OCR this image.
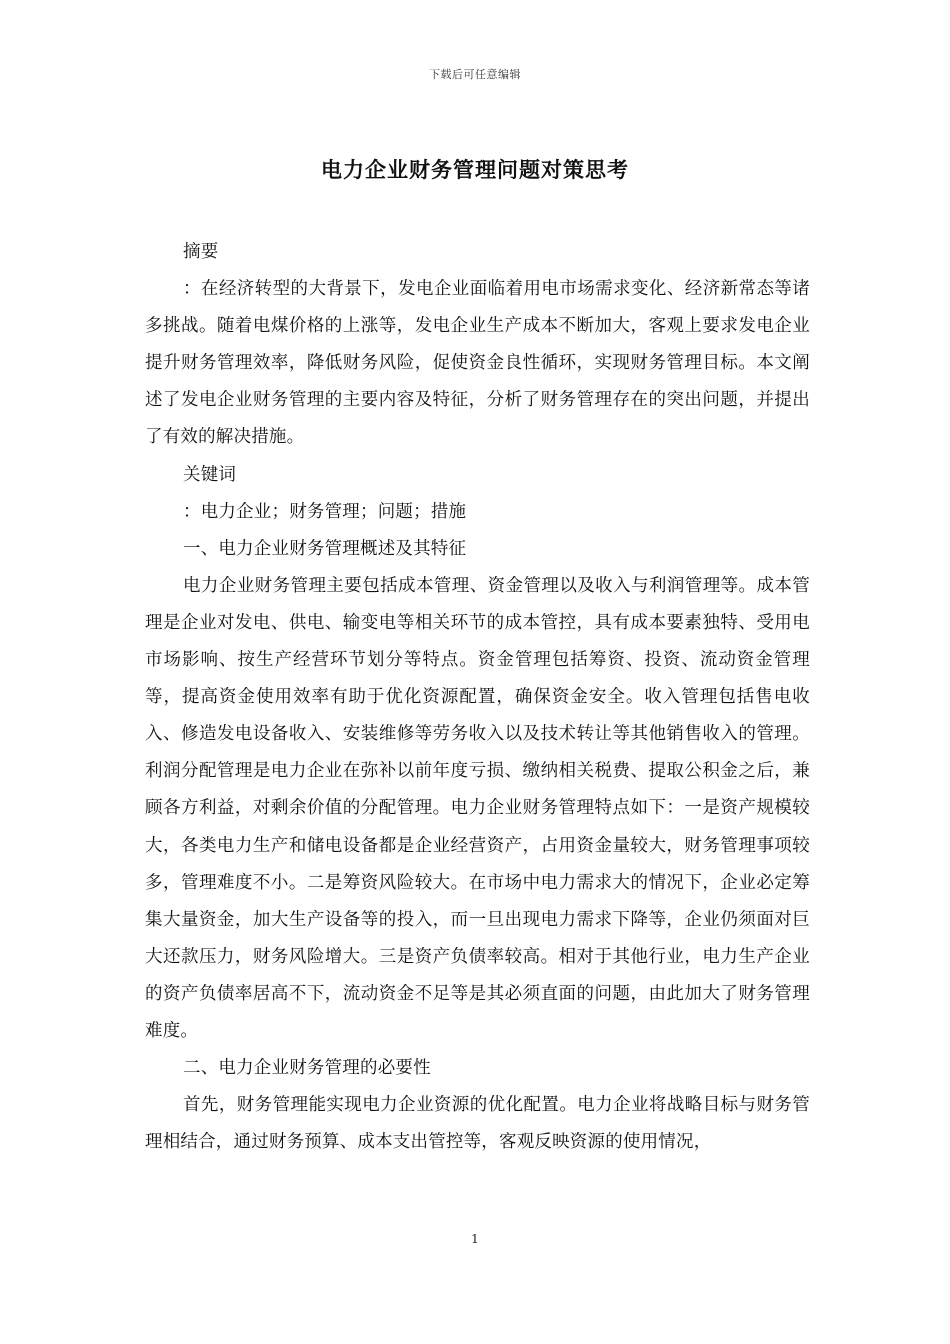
下载后可任意编辑
电力企业财务管理问题对策思考

摘要

：在经济转型的大背景下，发电企业面临着用电市场需求变化、经济新常态等诸多挑战。随着电煤价格的上涨等，发电企业生产成本不断加大，客观上要求发电企业提升财务管理效率，降低财务风险，促使资金良性循环，实现财务管理目标。本文阐述了发电企业财务管理的主要内容及特征，分析了财务管理存在的突出问题，并提出了有效的解决措施。

关键词

：电力企业；财务管理；问题；措施

一、电力企业财务管理概述及其特征

电力企业财务管理主要包括成本管理、资金管理以及收入与利润管理等。成本管理是企业对发电、供电、输变电等相关环节的成本管控，具有成本要素独特、受用电市场影响、按生产经营环节划分等特点。资金管理包括筹资、投资、流动资金管理等，提高资金使用效率有助于优化资源配置，确保资金安全。收入管理包括售电收入、修造发电设备收入、安装维修等劳务收入以及技术转让等其他销售收入的管理。利润分配管理是电力企业在弥补以前年度亏损、缴纳相关税费、提取公积金之后，兼顾各方利益，对剩余价值的分配管理。电力企业财务管理特点如下：一是资产规模较大，各类电力生产和储电设备都是企业经营资产，占用资金量较大，财务管理事项较多，管理难度不小。二是筹资风险较大。在市场中电力需求大的情况下，企业必定筹集大量资金，加大生产设备等的投入，而一旦出现电力需求下降等，企业仍须面对巨大还款压力，财务风险增大。三是资产负债率较高。相对于其他行业，电力生产企业的资产负债率居高不下，流动资金不足等是其必须直面的问题，由此加大了财务管理难度。

二、电力企业财务管理的必要性

首先，财务管理能实现电力企业资源的优化配置。电力企业将战略目标与财务管理相结合，通过财务预算、成本支出管控等，客观反映资源的使用情况，

1
